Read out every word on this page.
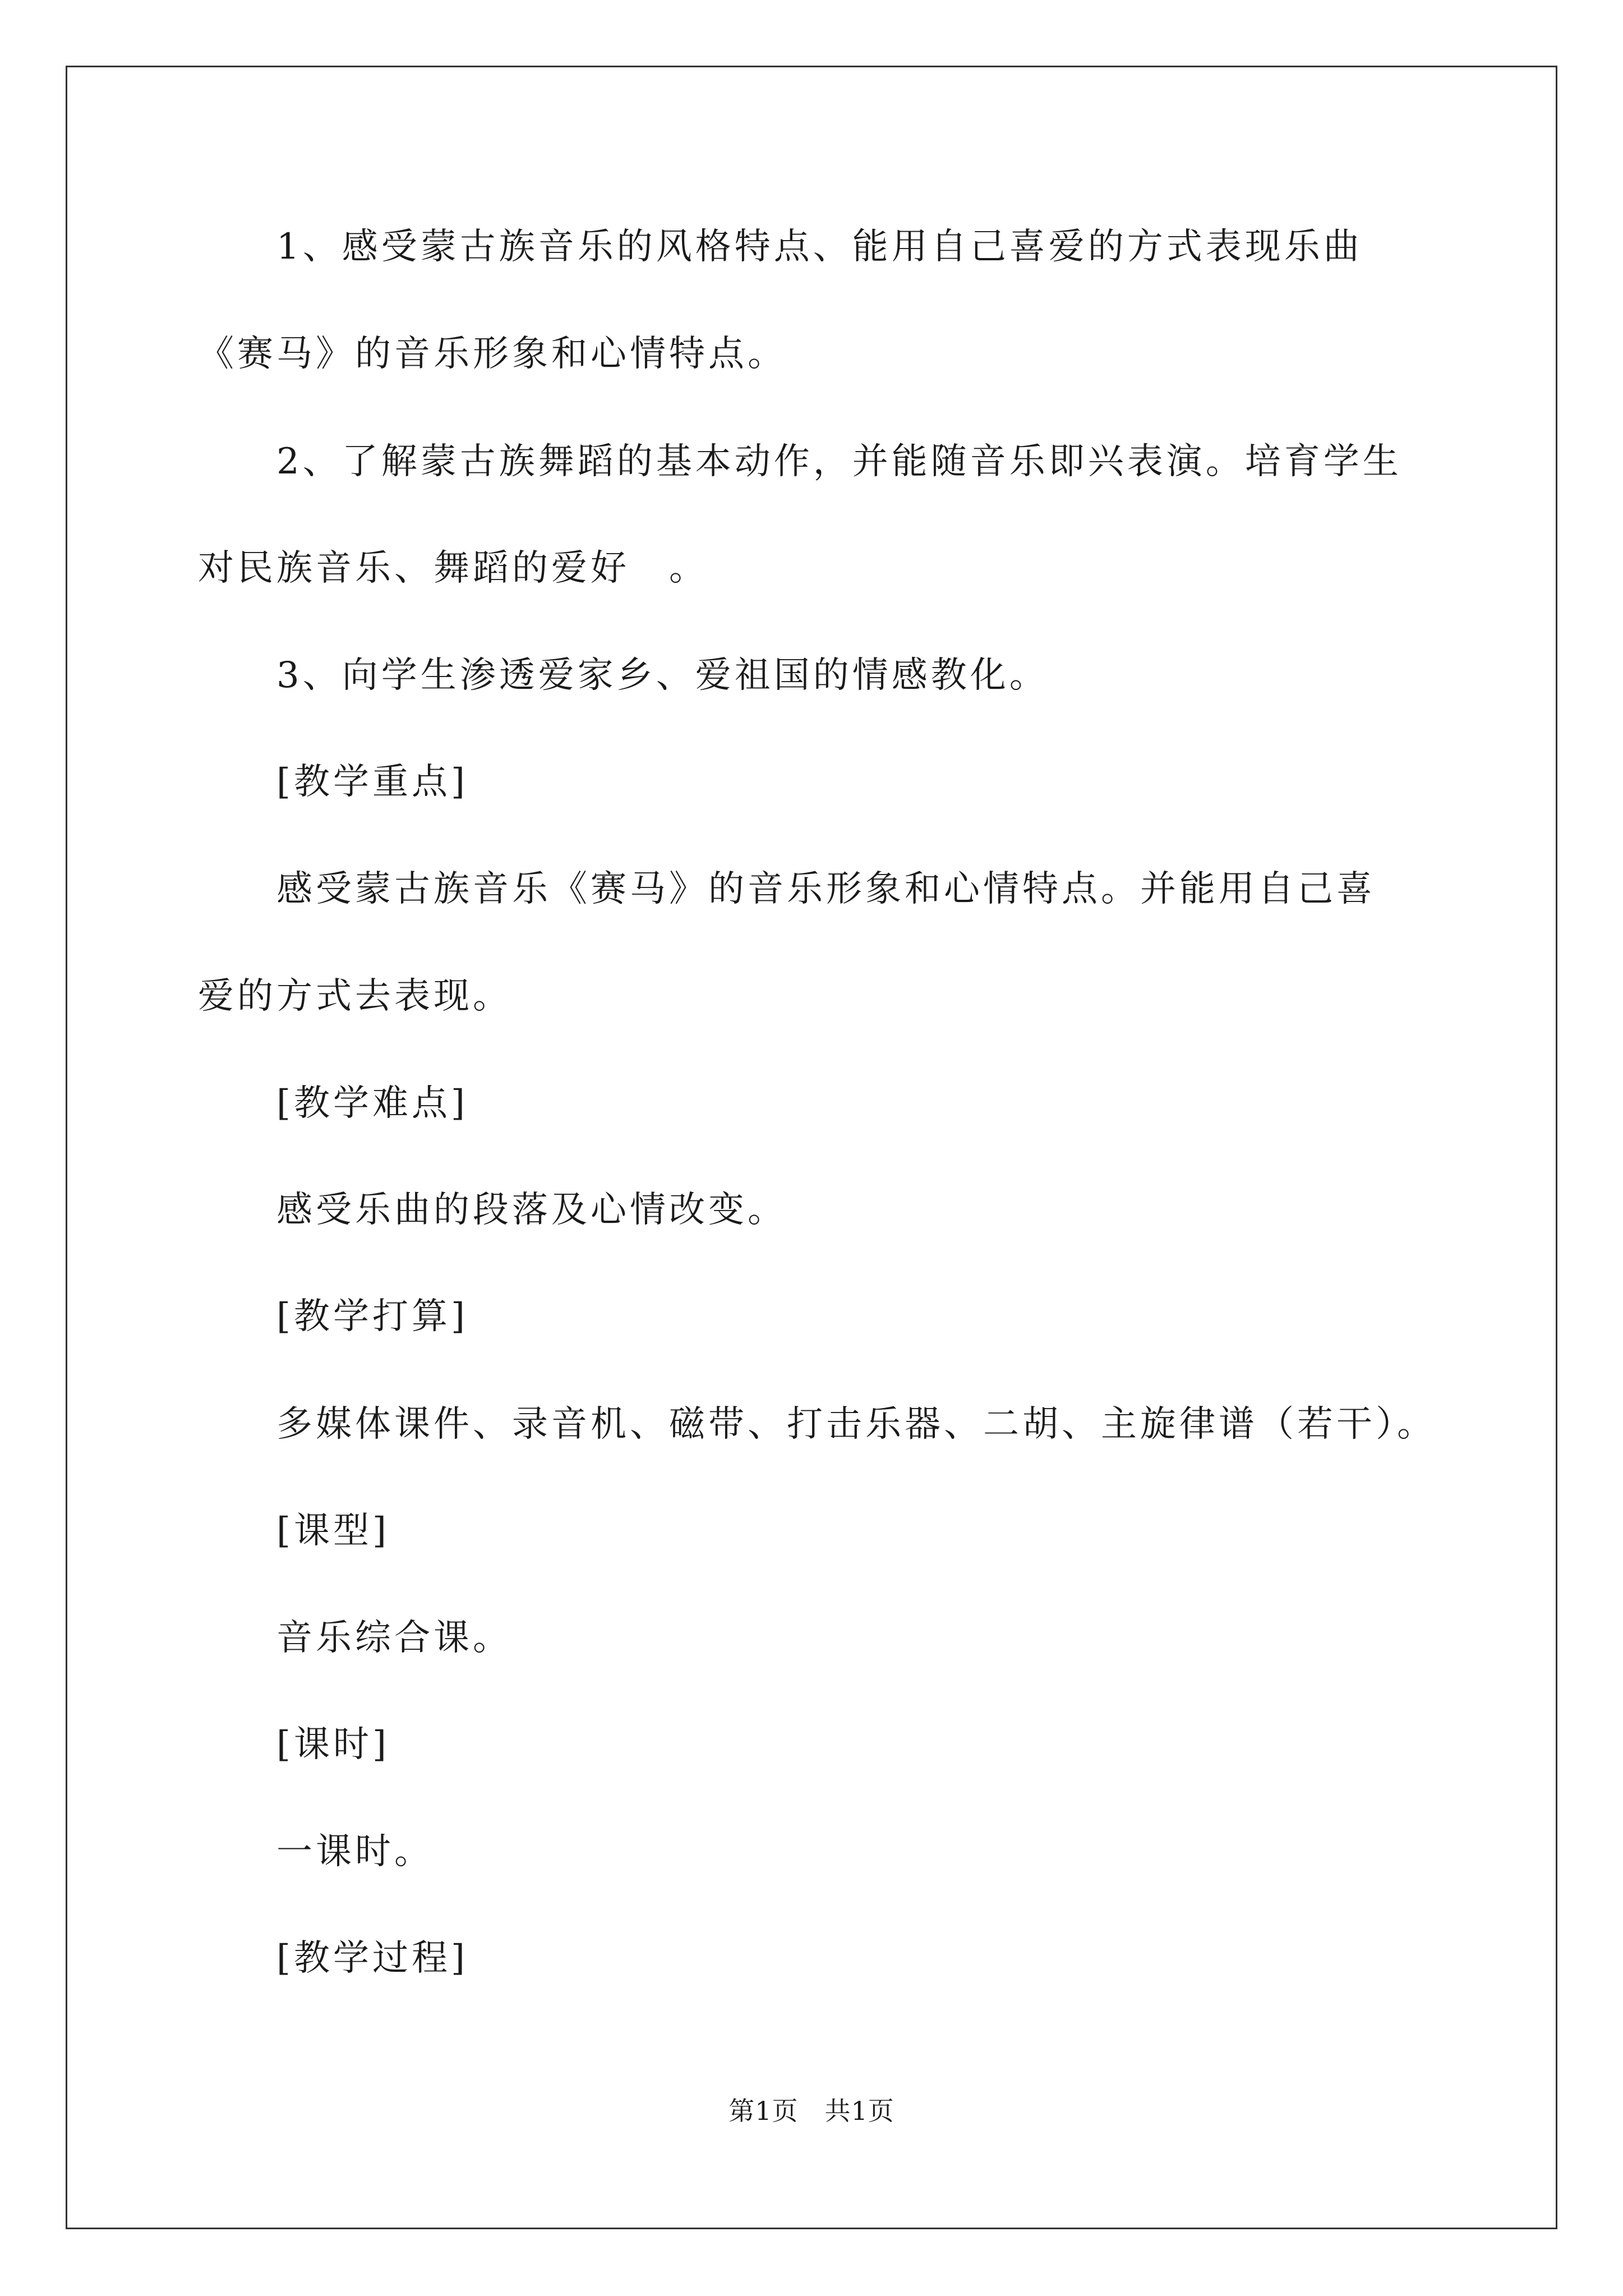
　　1、感受蒙古族音乐的风格特点、能用自己喜爱的方式表现乐曲
《赛马》的音乐形象和心情特点。
　　2、了解蒙古族舞蹈的基本动作，并能随音乐即兴表演。培育学生
对民族音乐、舞蹈的爱好　。
　　3、向学生渗透爱家乡、爱祖国的情感教化。
　　[教学重点]
　　感受蒙古族音乐《赛马》的音乐形象和心情特点。并能用自己喜
爱的方式去表现。
　　[教学难点]
　　感受乐曲的段落及心情改变。
　　[教学打算]
　　多媒体课件、录音机、磁带、打击乐器、二胡、主旋律谱（若干）。
　　[课型]
　　音乐综合课。
　　[课时]
　　一课时。
　　[教学过程]
第1页　共1页
